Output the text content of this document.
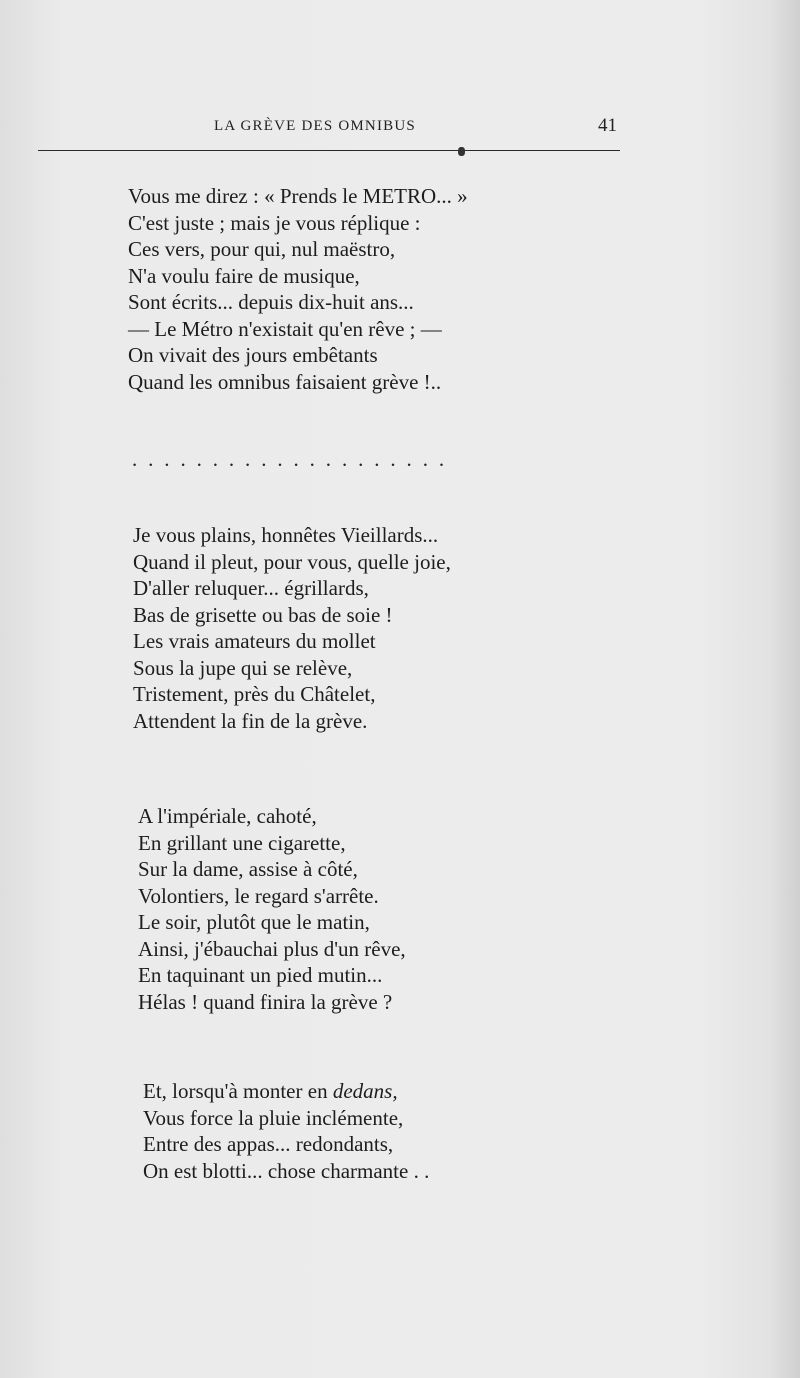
LA GRÈVE DES OMNIBUS	41
Vous me direz : « Prends le METRO... »
C'est juste ; mais je vous réplique :
Ces vers, pour qui, nul maëstro,
N'a voulu faire de musique,
Sont écrits... depuis dix-huit ans...
— Le Métro n'existait qu'en rêve ; —
On vivait des jours embêtants
Quand les omnibus faisaient grève !..
....................
Je vous plains, honnêtes Vieillards...
Quand il pleut, pour vous, quelle joie,
D'aller reluquer... égrillards,
Bas de grisette ou bas de soie !
Les vrais amateurs du mollet
Sous la jupe qui se relève,
Tristement, près du Châtelet,
Attendent la fin de la grève.
A l'impériale, cahoté,
En grillant une cigarette,
Sur la dame, assise à côté,
Volontiers, le regard s'arrête.
Le soir, plutôt que le matin,
Ainsi, j'ébauchai plus d'un rêve,
En taquinant un pied mutin...
Hélas ! quand finira la grève ?
Et, lorsqu'à monter en dedans,
Vous force la pluie inclémente,
Entre des appas... redondants,
On est blotti... chose charmante . .
